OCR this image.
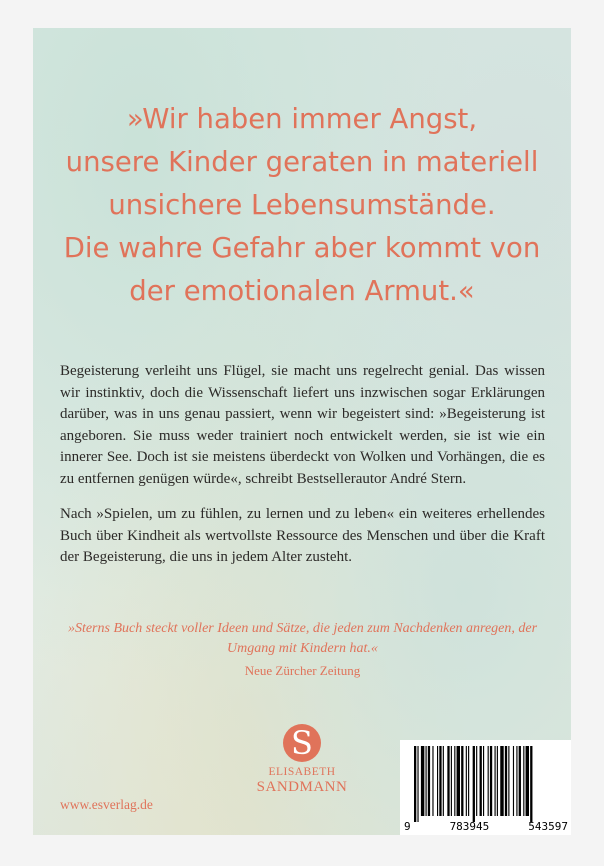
»Wir haben immer Angst,
unsere Kinder geraten in materiell
unsichere Lebensumstände.
Die wahre Gefahr aber kommt von
der emotionalen Armut.«

Begeisterung verleiht uns Flügel, sie macht uns regelrecht genial. Das wissen wir instinktiv, doch die Wissenschaft liefert uns inzwischen sogar Erklärungen darüber, was in uns genau passiert, wenn wir begeistert sind: »Begeisterung ist angeboren. Sie muss weder trainiert noch entwickelt werden, sie ist wie ein innerer See. Doch ist sie meistens überdeckt von Wolken und Vorhängen, die es zu entfernen genügen würde«, schreibt Bestsellerautor André Stern.

Nach »Spielen, um zu fühlen, zu lernen und zu leben« ein weiteres erhellendes Buch über Kindheit als wertvollste Ressource des Menschen und über die Kraft der Begeisterung, die uns in jedem Alter zusteht.

»Sterns Buch steckt voller Ideen und Sätze, die jeden zum Nachdenken anregen, der Umgang mit Kindern hat.«
Neue Zürcher Zeitung
www.esverlag.de
S
ELISABETH
SANDMANN
9	783945	543597
